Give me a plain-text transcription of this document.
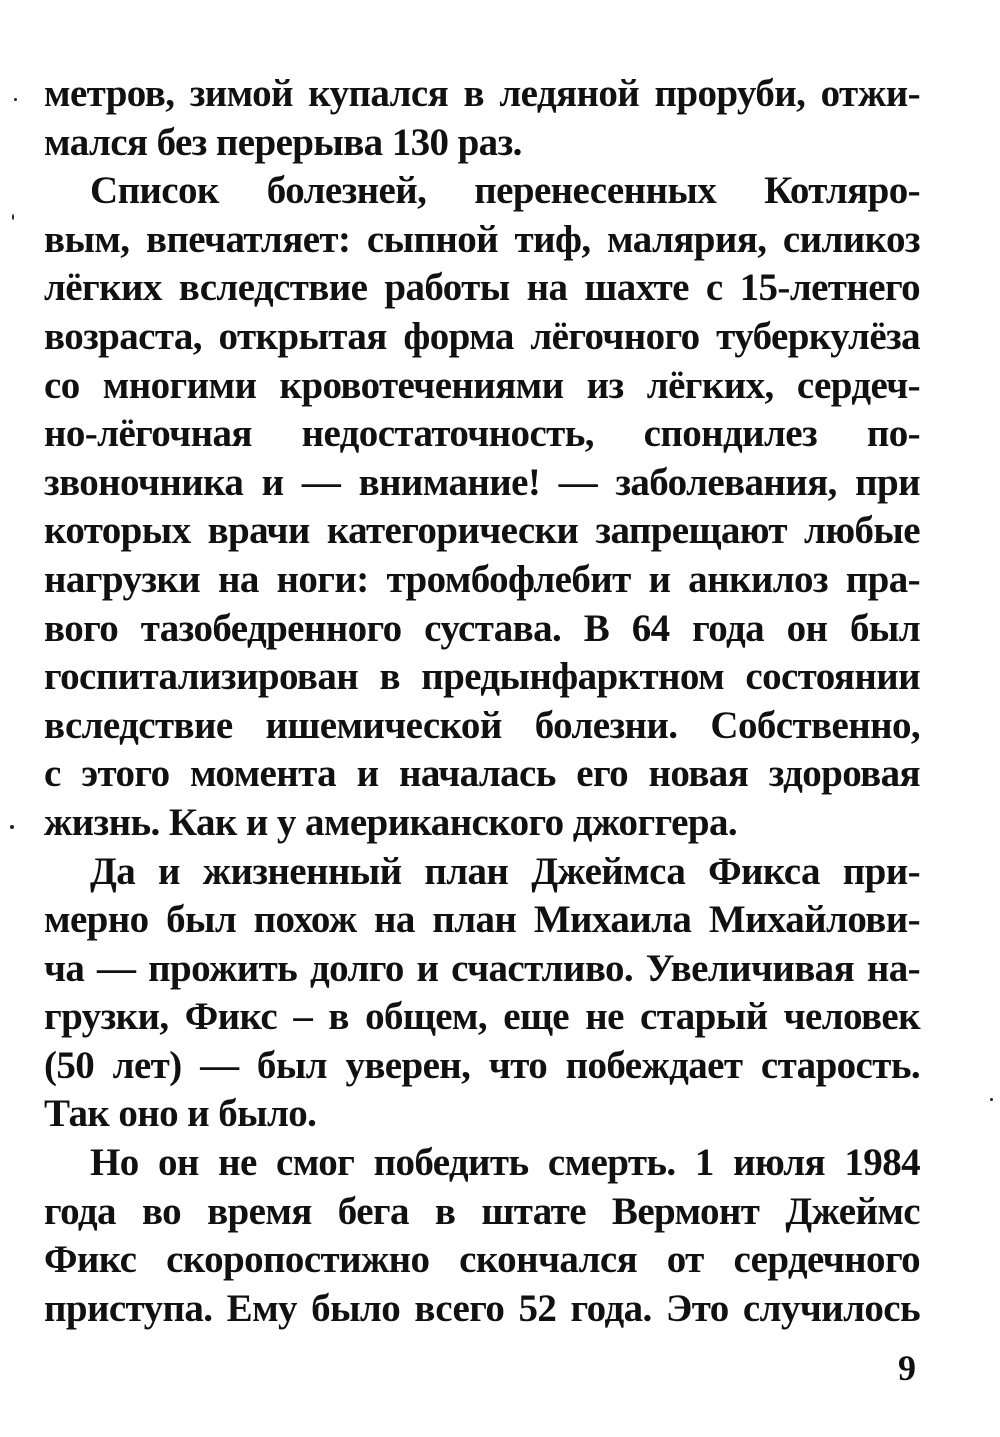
метров, зимой купался в ледяной проруби, отжи-
мался без перерыва 130 раз.
Список болезней, перенесенных Котляро-
вым, впечатляет: сыпной тиф, малярия, силикоз
лёгких вследствие работы на шахте с 15-летнего
возраста, открытая форма лёгочного туберкулёза
со многими кровотечениями из лёгких, сердеч-
но-лёгочная недостаточность, спондилез по-
звоночника и — внимание! — заболевания, при
которых врачи категорически запрещают любые
нагрузки на ноги: тромбофлебит и анкилоз пра-
вого тазобедренного сустава. В 64 года он был
госпитализирован в предынфарктном состоянии
вследствие ишемической болезни. Собственно,
с этого момента и началась его новая здоровая
жизнь. Как и у американского джоггера.
Да и жизненный план Джеймса Фикса при-
мерно был похож на план Михаила Михайлови-
ча — прожить долго и счастливо. Увеличивая на-
грузки, Фикс – в общем, еще не старый человек
(50 лет) — был уверен, что побеждает старость.
Так оно и было.
Но он не смог победить смерть. 1 июля 1984
года во время бега в штате Вермонт Джеймс
Фикс скоропостижно скончался от сердечного
приступа. Ему было всего 52 года. Это случилось
9
